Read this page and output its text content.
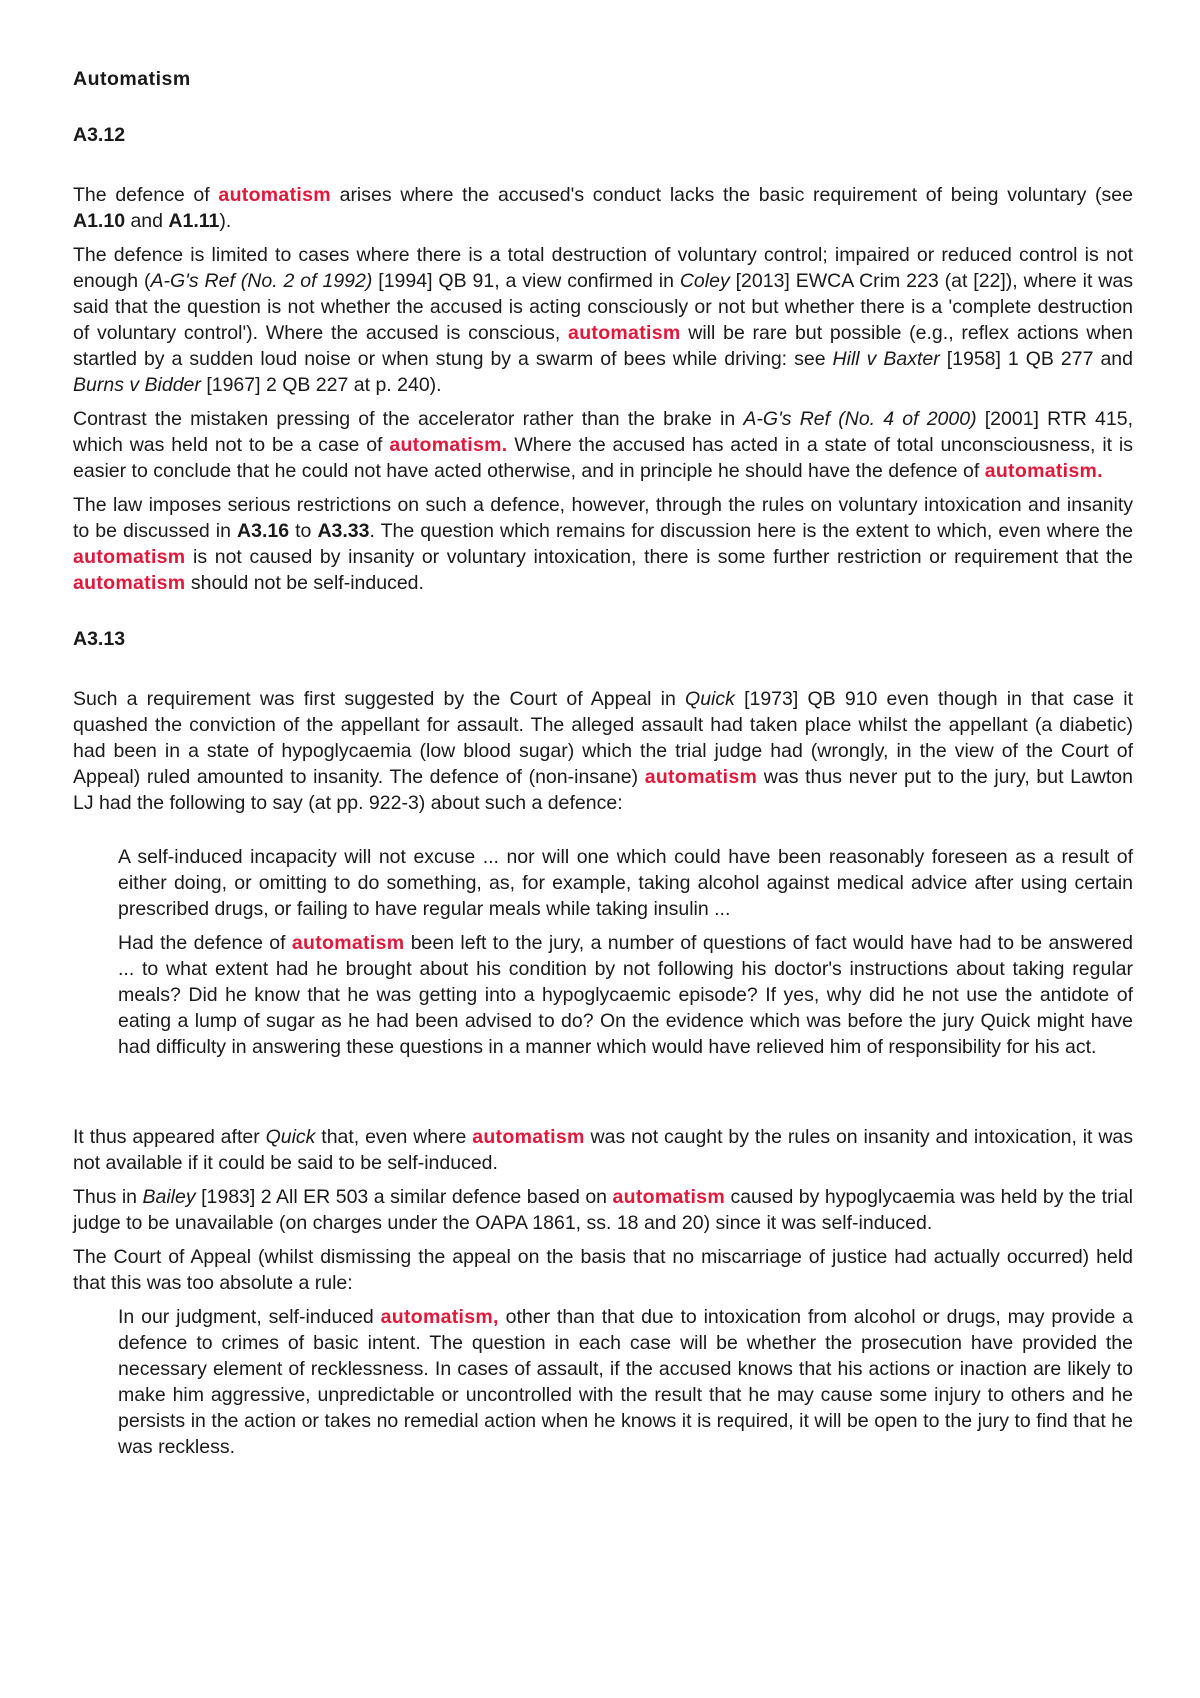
Automatism
A3.12

The defence of automatism arises where the accused's conduct lacks the basic requirement of being voluntary (see A1.10 and A1.11).

The defence is limited to cases where there is a total destruction of voluntary control; impaired or reduced control is not enough (A-G's Ref (No. 2 of 1992) [1994] QB 91, a view confirmed in Coley [2013] EWCA Crim 223 (at [22]), where it was said that the question is not whether the accused is acting consciously or not but whether there is a 'complete destruction of voluntary control'). Where the accused is conscious, automatism will be rare but possible (e.g., reflex actions when startled by a sudden loud noise or when stung by a swarm of bees while driving: see Hill v Baxter [1958] 1 QB 277 and Burns v Bidder [1967] 2 QB 227 at p. 240).

Contrast the mistaken pressing of the accelerator rather than the brake in A-G's Ref (No. 4 of 2000) [2001] RTR 415, which was held not to be a case of automatism. Where the accused has acted in a state of total unconsciousness, it is easier to conclude that he could not have acted otherwise, and in principle he should have the defence of automatism.

The law imposes serious restrictions on such a defence, however, through the rules on voluntary intoxication and insanity to be discussed in A3.16 to A3.33. The question which remains for discussion here is the extent to which, even where the automatism is not caused by insanity or voluntary intoxication, there is some further restriction or requirement that the automatism should not be self-induced.

A3.13

Such a requirement was first suggested by the Court of Appeal in Quick [1973] QB 910 even though in that case it quashed the conviction of the appellant for assault. The alleged assault had taken place whilst the appellant (a diabetic) had been in a state of hypoglycaemia (low blood sugar) which the trial judge had (wrongly, in the view of the Court of Appeal) ruled amounted to insanity. The defence of (non-insane) automatism was thus never put to the jury, but Lawton LJ had the following to say (at pp. 922-3) about such a defence:

A self-induced incapacity will not excuse ... nor will one which could have been reasonably foreseen as a result of either doing, or omitting to do something, as, for example, taking alcohol against medical advice after using certain prescribed drugs, or failing to have regular meals while taking insulin ...

Had the defence of automatism been left to the jury, a number of questions of fact would have had to be answered ... to what extent had he brought about his condition by not following his doctor's instructions about taking regular meals? Did he know that he was getting into a hypoglycaemic episode? If yes, why did he not use the antidote of eating a lump of sugar as he had been advised to do? On the evidence which was before the jury Quick might have had difficulty in answering these questions in a manner which would have relieved him of responsibility for his act.

It thus appeared after Quick that, even where automatism was not caught by the rules on insanity and intoxication, it was not available if it could be said to be self-induced.

Thus in Bailey [1983] 2 All ER 503 a similar defence based on automatism caused by hypoglycaemia was held by the trial judge to be unavailable (on charges under the OAPA 1861, ss. 18 and 20) since it was self-induced.

The Court of Appeal (whilst dismissing the appeal on the basis that no miscarriage of justice had actually occurred) held that this was too absolute a rule:

In our judgment, self-induced automatism, other than that due to intoxication from alcohol or drugs, may provide a defence to crimes of basic intent. The question in each case will be whether the prosecution have provided the necessary element of recklessness. In cases of assault, if the accused knows that his actions or inaction are likely to make him aggressive, unpredictable or uncontrolled with the result that he may cause some injury to others and he persists in the action or takes no remedial action when he knows it is required, it will be open to the jury to find that he was reckless.
